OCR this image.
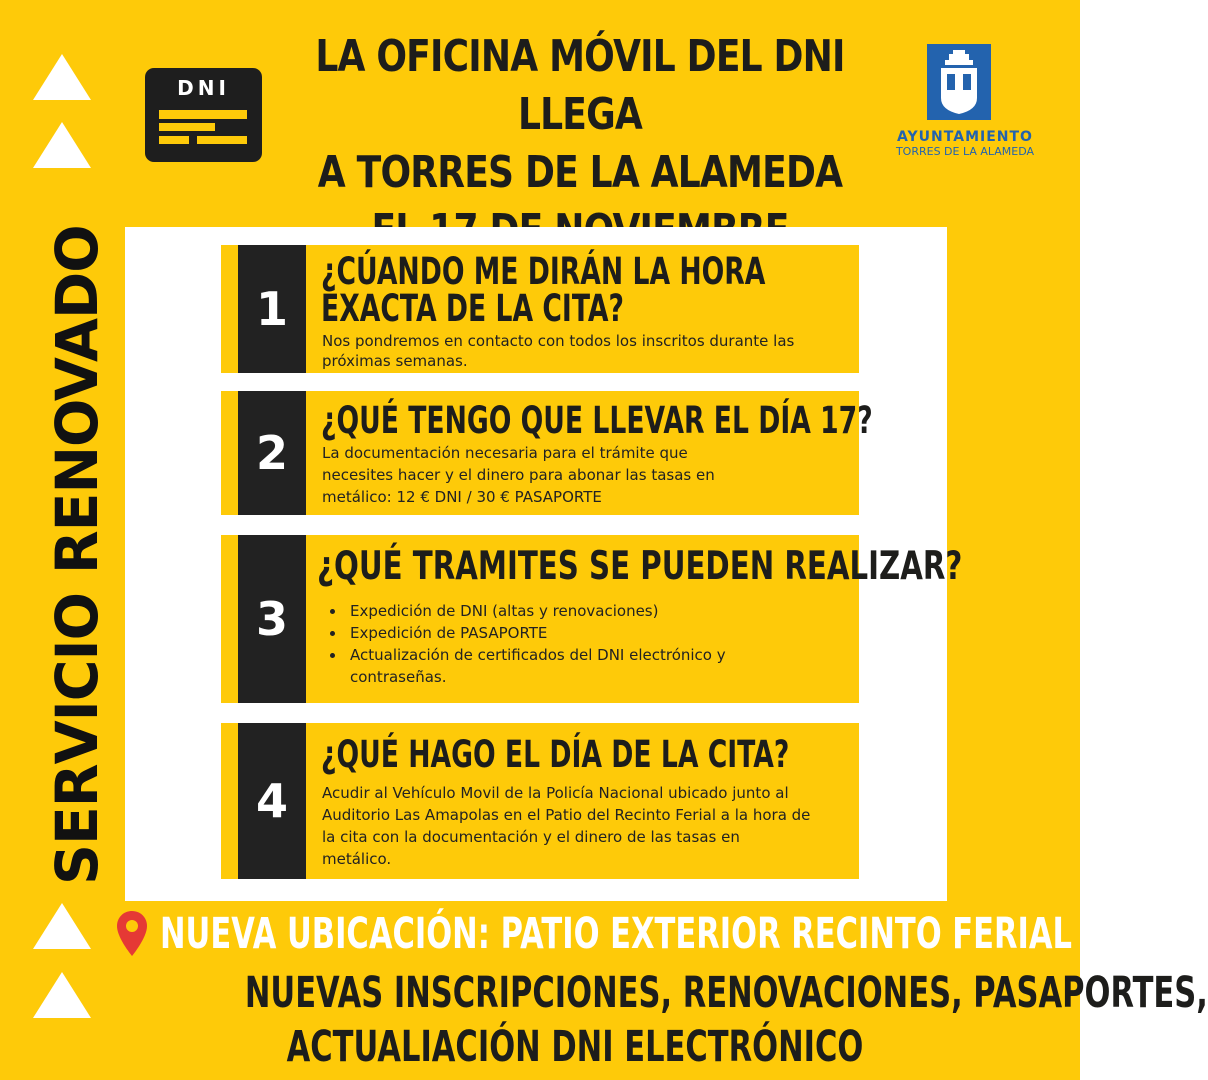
SERVICIO RENOVADO
DNI
LA OFICINA MÓVIL DEL DNI LLEGA
A TORRES DE LA ALAMEDA
AYUNTAMIENTO
TORRES DE LA ALAMEDA
1
¿CÚANDO ME DIRÁN LA HORA EXACTA DE LA CITA?
Nos pondremos en contacto con todos los inscritos durante las próximas semanas.
2
¿QUÉ TENGO QUE LLEVAR EL DÍA 17?
La documentación necesaria para el trámite que necesites hacer y el dinero para abonar las tasas en metálico: 12 € DNI / 30 € PASAPORTE
3
¿QUÉ TRAMITES SE PUEDEN REALIZAR?
• Expedición de DNI (altas y renovaciones)
• Expedición de PASAPORTE
• Actualización de certificados del DNI electrónico y contraseñas.
4
¿QUÉ HAGO EL DÍA DE LA CITA?
Acudir al Vehículo Movil de la Policía Nacional ubicado junto al Auditorio Las Amapolas en el Patio del Recinto Ferial a la hora de la cita con la documentación y el dinero de las tasas en metálico.
NUEVA UBICACIÓN: PATIO EXTERIOR RECINTO FERIAL
NUEVAS INSCRIPCIONES, RENOVACIONES, PASAPORTES,
ACTUALIACIÓN DNI ELECTRÓNICO
